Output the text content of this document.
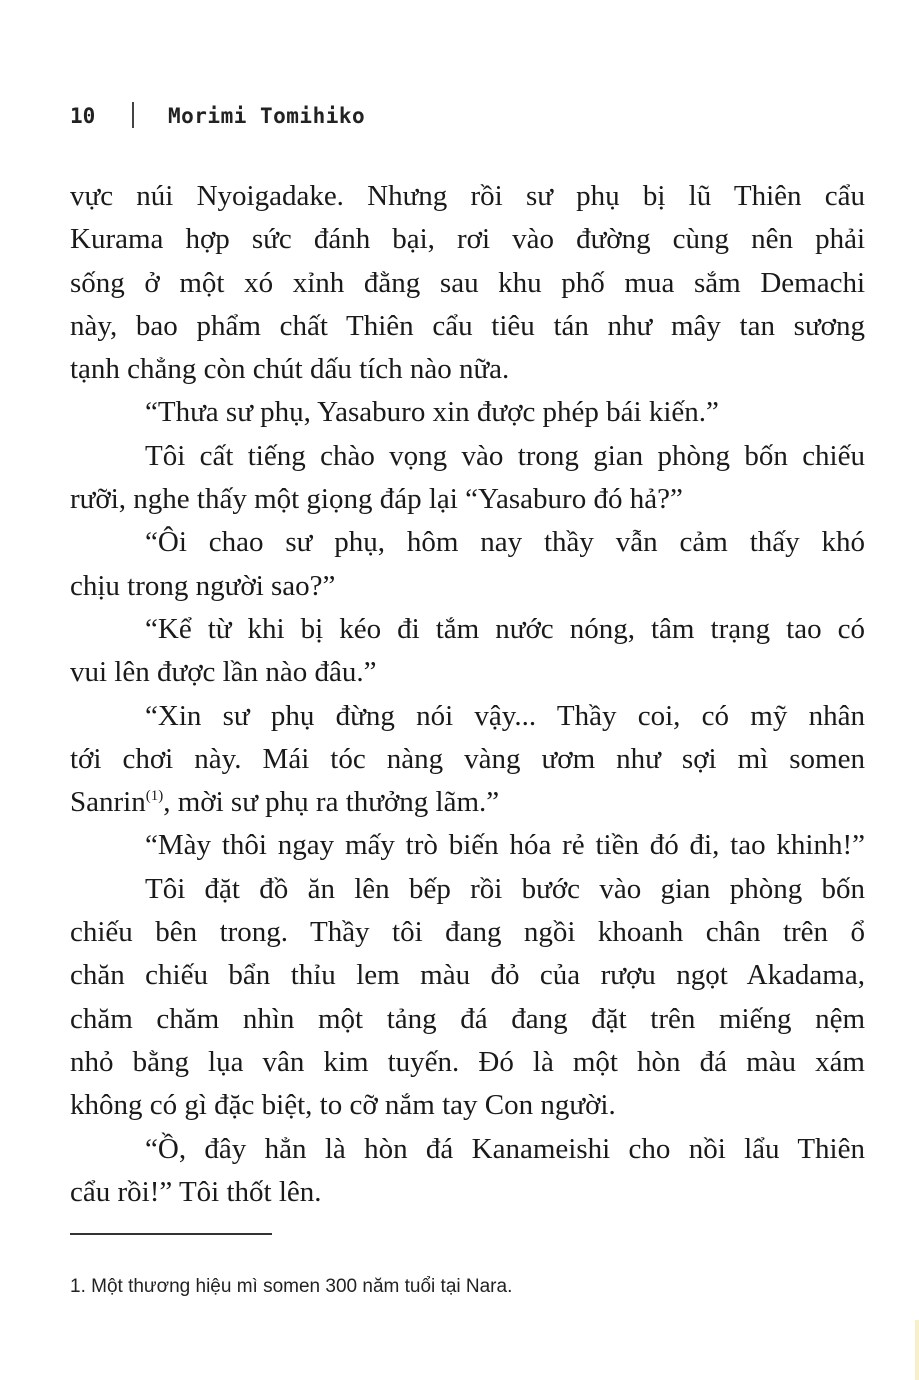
10	Morimi Tomihiko
vực núi Nyoigadake. Nhưng rồi sư phụ bị lũ Thiên cẩu
Kurama hợp sức đánh bại, rơi vào đường cùng nên phải
sống ở một xó xỉnh đằng sau khu phố mua sắm Demachi
này, bao phẩm chất Thiên cẩu tiêu tán như mây tan sương
tạnh chẳng còn chút dấu tích nào nữa.
“Thưa sư phụ, Yasaburo xin được phép bái kiến.”
Tôi cất tiếng chào vọng vào trong gian phòng bốn chiếu
rưỡi, nghe thấy một giọng đáp lại “Yasaburo đó hả?”
“Ôi chao sư phụ, hôm nay thầy vẫn cảm thấy khó
chịu trong người sao?”
“Kể từ khi bị kéo đi tắm nước nóng, tâm trạng tao có
vui lên được lần nào đâu.”
“Xin sư phụ đừng nói vậy... Thầy coi, có mỹ nhân
tới chơi này. Mái tóc nàng vàng ươm như sợi mì somen
Sanrin$^{(1)}$, mời sư phụ ra thưởng lãm.”
“Mày thôi ngay mấy trò biến hóa rẻ tiền đó đi, tao khinh!”
Tôi đặt đồ ăn lên bếp rồi bước vào gian phòng bốn
chiếu bên trong. Thầy tôi đang ngồi khoanh chân trên ổ
chăn chiếu bẩn thỉu lem màu đỏ của rượu ngọt Akadama,
chăm chăm nhìn một tảng đá đang đặt trên miếng nệm
nhỏ bằng lụa vân kim tuyến. Đó là một hòn đá màu xám
không có gì đặc biệt, to cỡ nắm tay Con người.
“Ồ, đây hẳn là hòn đá Kanameishi cho nồi lẩu Thiên
cẩu rồi!” Tôi thốt lên.
1. Một thương hiệu mì somen 300 năm tuổi tại Nara.
